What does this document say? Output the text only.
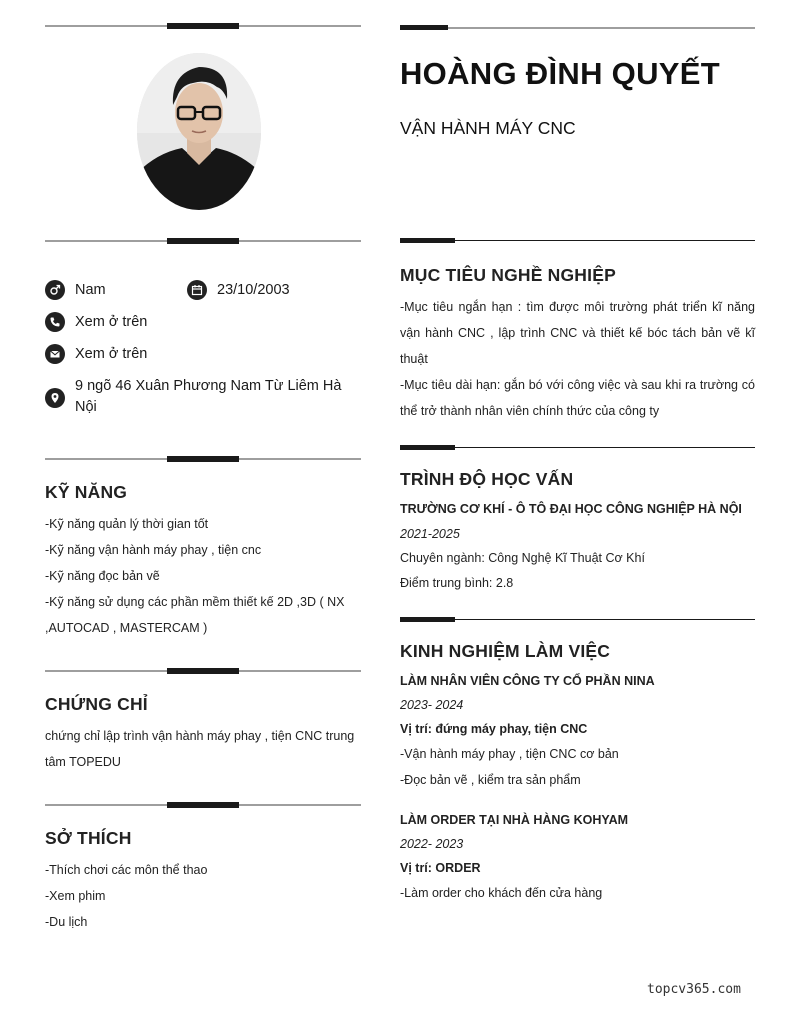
Nam	23/10/2003
Xem ở trên
Xem ở trên
9 ngõ 46 Xuân Phương Nam Từ Liêm Hà Nội
KỸ NĂNG

-Kỹ năng quản lý thời gian tốt

-Kỹ năng vận hành máy phay , tiện cnc

-Kỹ năng đọc bản vẽ

-Kỹ năng sử dụng các phần mềm thiết kế 2D ,3D ( NX ,AUTOCAD , MASTERCAM )

CHỨNG CHỈ

chứng chỉ lập trình vận hành máy phay , tiện CNC trung tâm TOPEDU

SỞ THÍCH

-Thích chơi các môn thể thao

-Xem phim

-Du lịch

HOÀNG ĐÌNH QUYẾT
VẬN HÀNH MÁY CNC
MỤC TIÊU NGHỀ NGHIỆP

-Mục tiêu ngắn hạn : tìm được môi trường phát triển kĩ năng vận hành CNC , lập trình CNC và thiết kế bóc tách bản vẽ kĩ thuật

-Mục tiêu dài hạn: gắn bó với công việc và sau khi ra trường có thể trở thành nhân viên chính thức của công ty

TRÌNH ĐỘ HỌC VẤN

TRƯỜNG CƠ KHÍ - Ô TÔ ĐẠI HỌC CÔNG NGHIỆP HÀ NỘI

2021-2025

Chuyên ngành: Công Nghệ Kĩ Thuật Cơ Khí

Điểm trung bình: 2.8

KINH NGHIỆM LÀM VIỆC

LÀM NHÂN VIÊN CÔNG TY CỔ PHẦN NINA

2023- 2024

Vị trí: đứng máy phay, tiện CNC

-Vận hành máy phay , tiện CNC cơ bản

-Đọc bản vẽ , kiểm tra sản phẩm

LÀM ORDER TẠI NHÀ HÀNG KOHYAM

2022- 2023

Vị trí: ORDER

-Làm order cho khách đến cửa hàng

topcv365.com
